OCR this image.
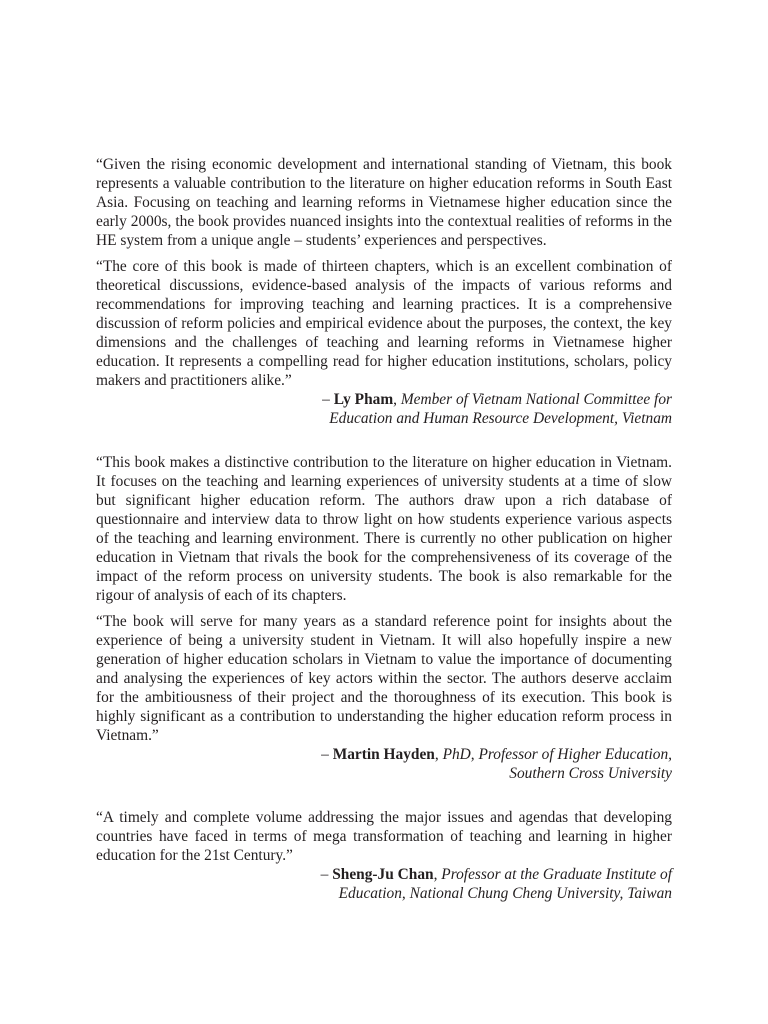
“Given the rising economic development and international standing of Vietnam, this book represents a valuable contribution to the literature on higher education reforms in South East Asia. Focusing on teaching and learning reforms in Vietnamese higher education since the early 2000s, the book provides nuanced insights into the contextual realities of reforms in the HE system from a unique angle – students’ experiences and perspectives.

“The core of this book is made of thirteen chapters, which is an excellent combination of theoretical discussions, evidence-based analysis of the impacts of various reforms and recommendations for improving teaching and learning practices. It is a comprehensive discussion of reform policies and empirical evidence about the purposes, the context, the key dimensions and the challenges of teaching and learning reforms in Vietnamese higher education. It represents a compelling read for higher education institutions, scholars, policy makers and practitioners alike.”

– Ly Pham, Member of Vietnam National Committee for
Education and Human Resource Development, Vietnam

“This book makes a distinctive contribution to the literature on higher education in Vietnam. It focuses on the teaching and learning experiences of university students at a time of slow but significant higher education reform. The authors draw upon a rich database of questionnaire and interview data to throw light on how students experience various aspects of the teaching and learning environment. There is currently no other publication on higher education in Vietnam that rivals the book for the comprehensiveness of its coverage of the impact of the reform process on university students. The book is also remarkable for the rigour of analysis of each of its chapters.

“The book will serve for many years as a standard reference point for insights about the experience of being a university student in Vietnam. It will also hopefully inspire a new generation of higher education scholars in Vietnam to value the importance of documenting and analysing the experiences of key actors within the sector. The authors deserve acclaim for the ambitiousness of their project and the thoroughness of its execution. This book is highly significant as a contribution to understanding the higher education reform process in Vietnam.”

– Martin Hayden, PhD, Professor of Higher Education,
Southern Cross University

“A timely and complete volume addressing the major issues and agendas that developing countries have faced in terms of mega transformation of teaching and learning in higher education for the 21st Century.”

– Sheng-Ju Chan, Professor at the Graduate Institute of
Education, National Chung Cheng University, Taiwan
